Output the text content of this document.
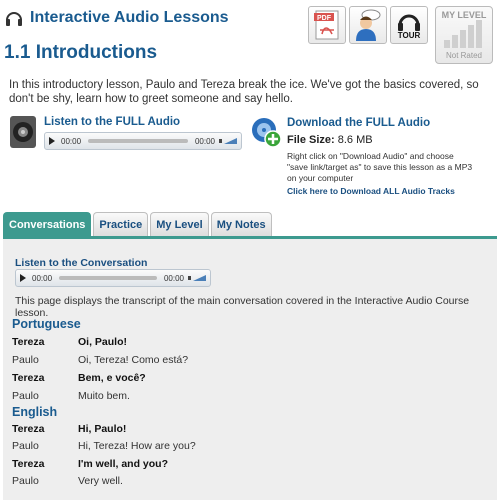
Interactive Audio Lessons
1.1 Introductions
PDF
TOUR
MY LEVEL
Not Rated

In this introductory lesson, Paulo and Tereza break the ice. We've got the basics covered, so don't be shy, learn how to greet someone and say hello.

Listen to the FULL Audio
00:00	00:00
Download the FULL Audio
File Size: 8.6 MB
Right click on "Download Audio" and choose "save link/target as" to save this lesson as a MP3 on your computer
Click here to Download ALL Audio Tracks
Conversations	Practice	My Level	My Notes
Listen to the Conversation
00:00	00:00
This page displays the transcript of the main conversation covered in the Interactive Audio Course lesson.
Portuguese
Tereza	Oi, Paulo!
Paulo	Oi, Tereza! Como está?
Tereza	Bem, e você?
Paulo	Muito bem.
English
Tereza	Hi, Paulo!
Paulo	Hi, Tereza! How are you?
Tereza	I'm well, and you?
Paulo	Very well.
